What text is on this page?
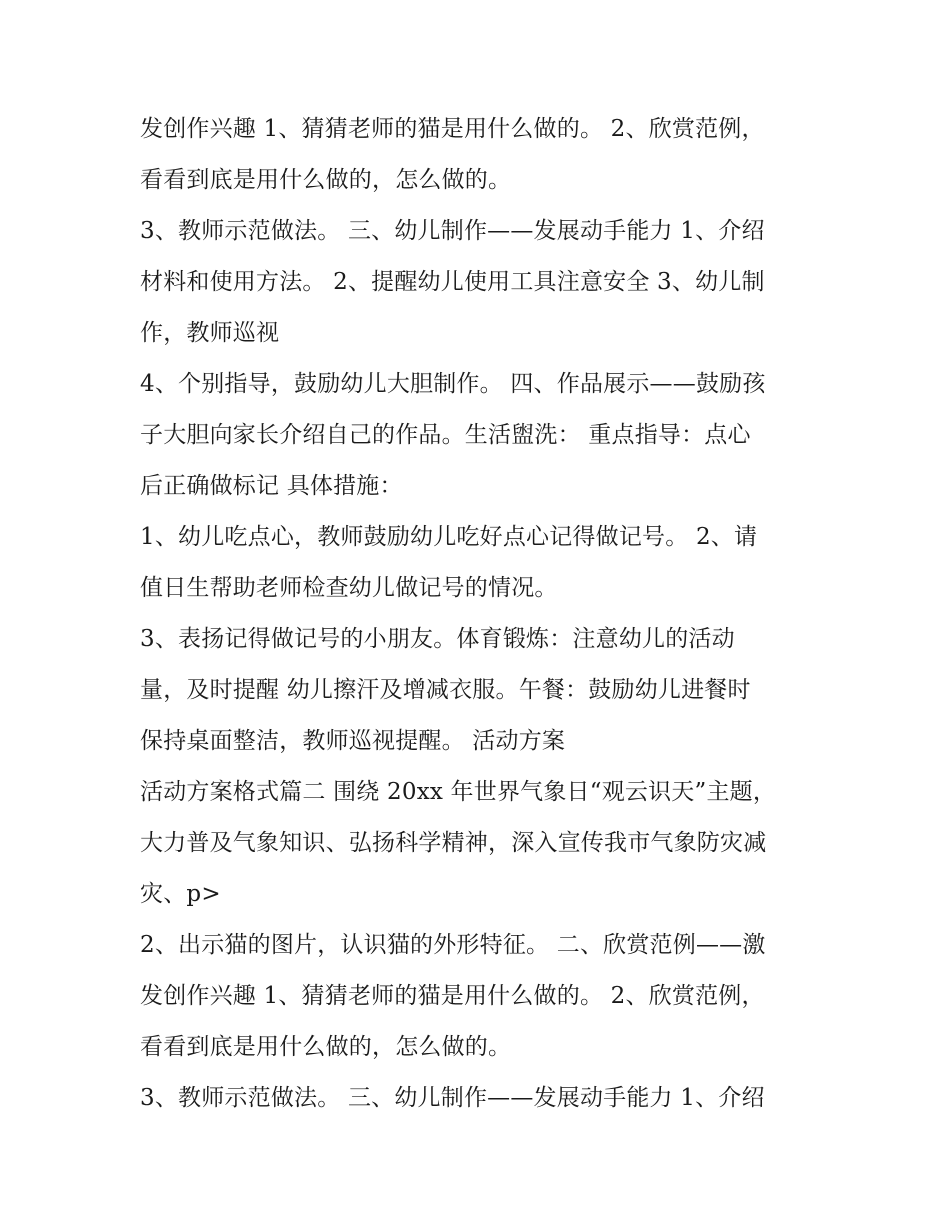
发创作兴趣 1、猜猜老师的猫是用什么做的。 2、欣赏范例，
看看到底是用什么做的，怎么做的。
3、教师示范做法。 三、幼儿制作——发展动手能力 1、介绍
材料和使用方法。 2、提醒幼儿使用工具注意安全 3、幼儿制
作，教师巡视
4、个别指导，鼓励幼儿大胆制作。 四、作品展示——鼓励孩
子大胆向家长介绍自己的作品。生活盥洗： 重点指导：点心
后正确做标记 具体措施：
1、幼儿吃点心，教师鼓励幼儿吃好点心记得做记号。 2、请
值日生帮助老师检查幼儿做记号的情况。
3、表扬记得做记号的小朋友。体育锻炼：注意幼儿的活动
量，及时提醒 幼儿擦汗及增减衣服。午餐：鼓励幼儿进餐时
保持桌面整洁，教师巡视提醒。 活动方案
活动方案格式篇二 围绕 20xx 年世界气象日“观云识天”主题，
大力普及气象知识、弘扬科学精神，深入宣传我市气象防灾减
灾、p>
2、出示猫的图片，认识猫的外形特征。 二、欣赏范例——激
发创作兴趣 1、猜猜老师的猫是用什么做的。 2、欣赏范例，
看看到底是用什么做的，怎么做的。
3、教师示范做法。 三、幼儿制作——发展动手能力 1、介绍
